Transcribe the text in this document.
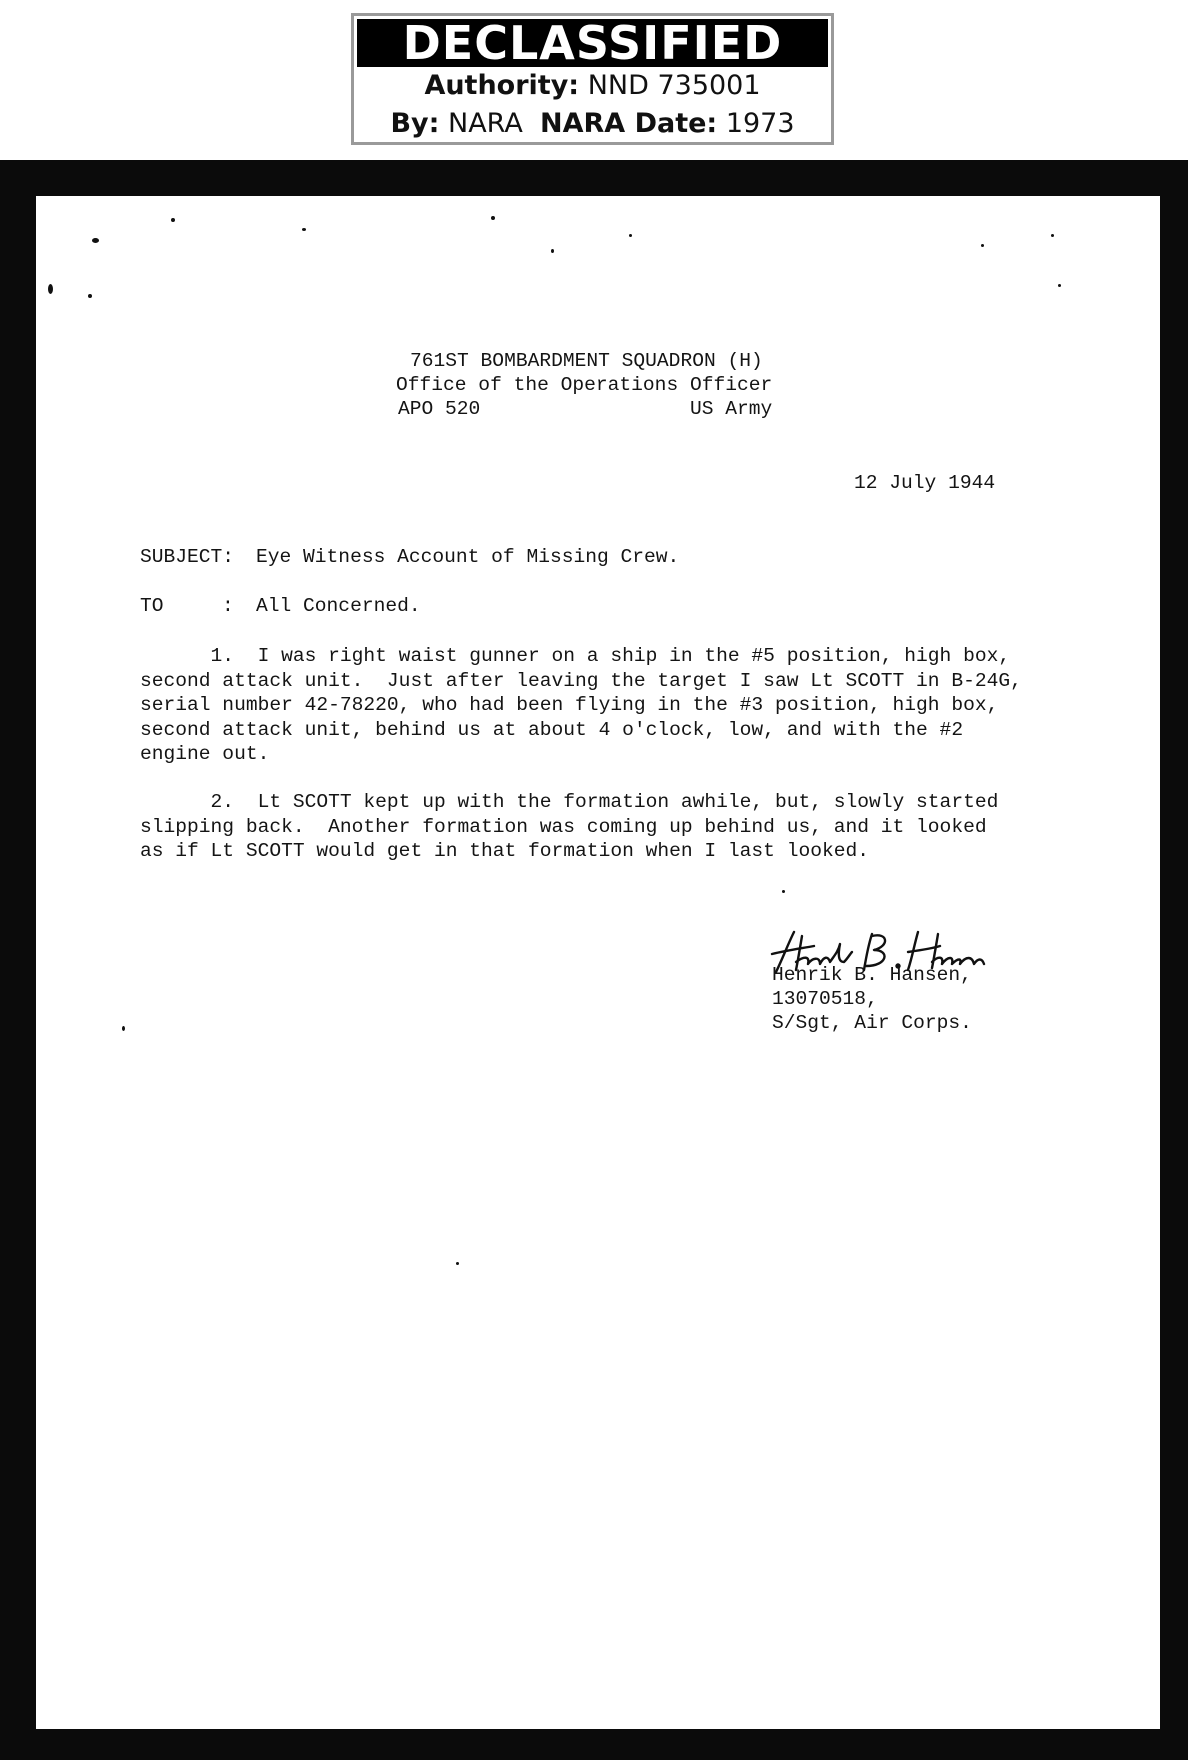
DECLASSIFIED
Authority: NND 735001
By: NARA NARA Date: 1973
761ST BOMBARDMENT SQUADRON (H)
Office of the Operations Officer
APO 520	US Army
12 July 1944
SUBJECT: Eye Witness Account of Missing Crew.
TO	: All Concerned.
1.  I was right waist gunner on a ship in the #5 position, high box,
second attack unit.  Just after leaving the target I saw Lt SCOTT in B-24G,
serial number 42-78220, who had been flying in the #3 position, high box,
second attack unit, behind us at about 4 o'clock, low, and with the #2
engine out.
2.  Lt SCOTT kept up with the formation awhile, but, slowly started
slipping back.  Another formation was coming up behind us, and it looked
as if Lt SCOTT would get in that formation when I last looked.
Henrik B. Hansen,
13070518,
S/Sgt, Air Corps.
